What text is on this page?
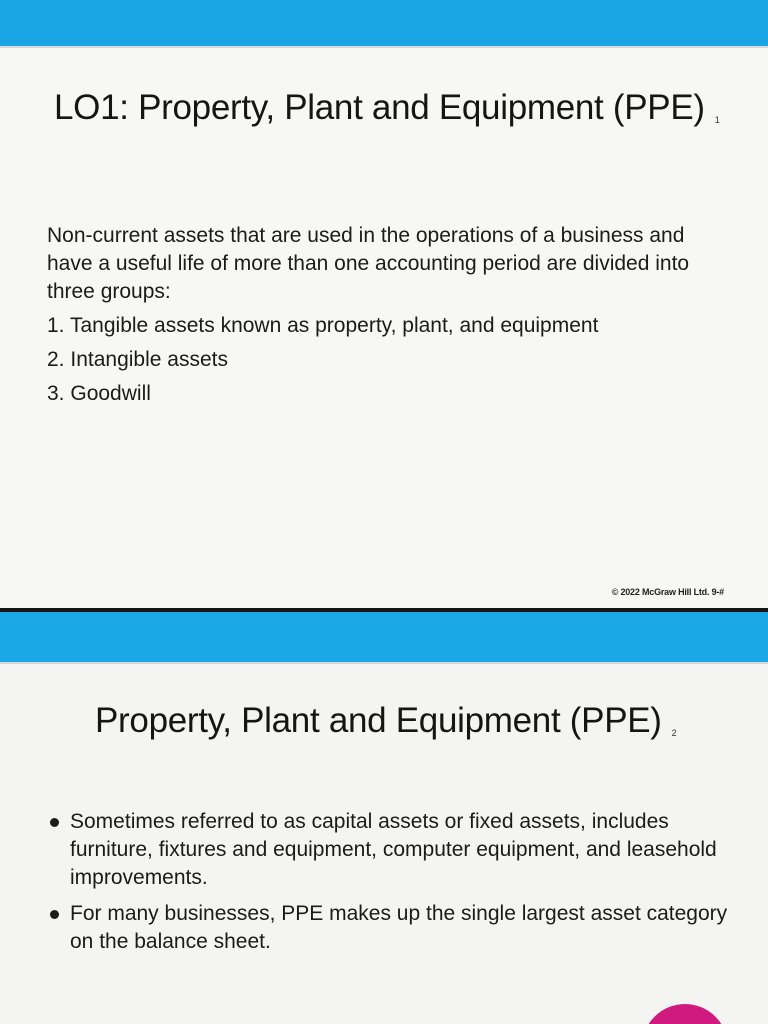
LO1: Property, Plant and Equipment (PPE) 1

Non-current assets that are used in the operations of a business and have a useful life of more than one accounting period are divided into three groups:

1. Tangible assets known as property, plant, and equipment
2. Intangible assets
3. Goodwill
© 2022 McGraw Hill Ltd. 9-#
Property, Plant and Equipment (PPE) 2
Sometimes referred to as capital assets or fixed assets, includes furniture, fixtures and equipment, computer equipment, and leasehold improvements.
For many businesses, PPE makes up the single largest asset category on the balance sheet.
